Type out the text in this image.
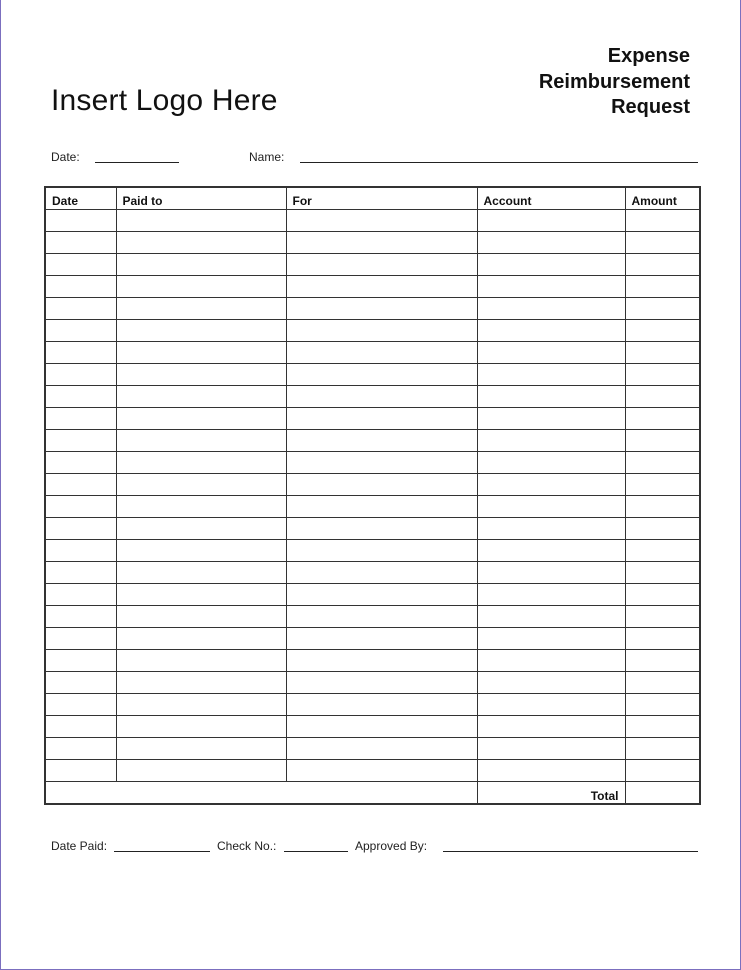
Insert Logo Here
Expense
Reimbursement
Request
Date:	Name:
Date	Paid to	For	Account	Amount

			Total	
Date Paid:	Check No.:	Approved By:
